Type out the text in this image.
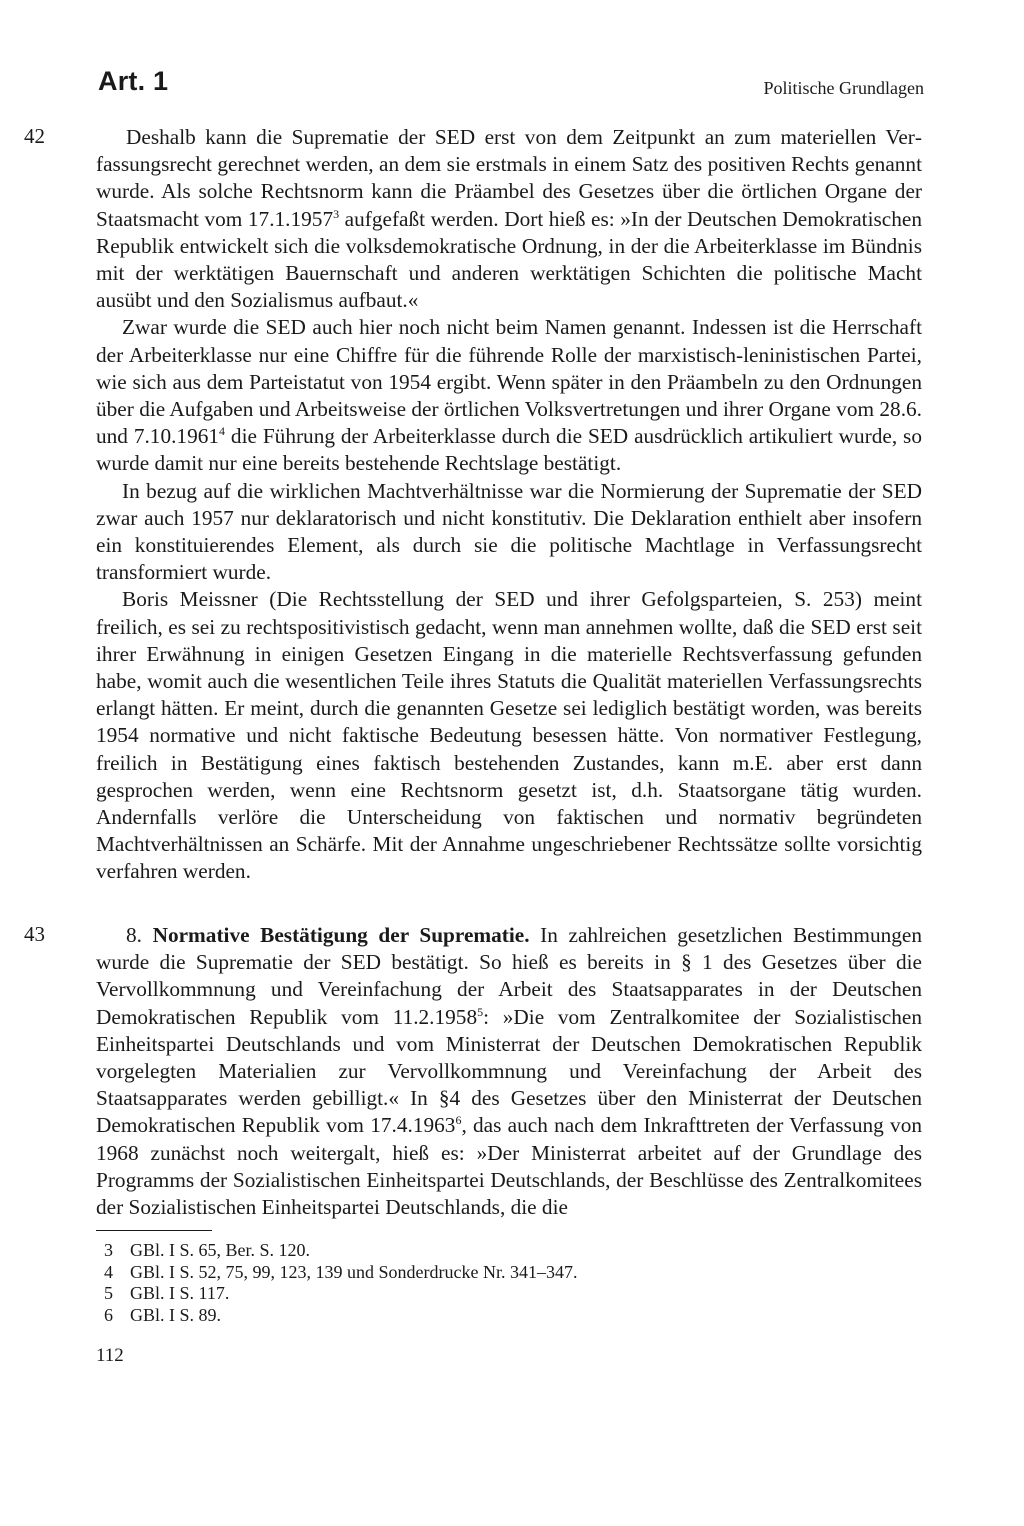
Art. 1	Politische Grundlagen
42	Deshalb kann die Suprematie der SED erst von dem Zeitpunkt an zum materiellen Verfassungsrecht gerechnet werden, an dem sie erstmals in einem Satz des positiven Rechts genannt wurde. Als solche Rechtsnorm kann die Präambel des Gesetzes über die örtlichen Organe der Staatsmacht vom 17.1.1957$^3$ aufgefaßt werden. Dort hieß es: »In der Deutschen Demokratischen Republik entwickelt sich die volksdemokratische Ordnung, in der die Arbeiterklasse im Bündnis mit der werktätigen Bauernschaft und anderen werktätigen Schichten die politische Macht ausübt und den Sozialismus aufbaut.«

Zwar wurde die SED auch hier noch nicht beim Namen genannt. Indessen ist die Herrschaft der Arbeiterklasse nur eine Chiffre für die führende Rolle der marxistisch-leninistischen Partei, wie sich aus dem Parteistatut von 1954 ergibt. Wenn später in den Präambeln zu den Ordnungen über die Aufgaben und Arbeitsweise der örtlichen Volksvertretungen und ihrer Organe vom 28.6. und 7.10.1961$^4$ die Führung der Arbeiterklasse durch die SED ausdrücklich artikuliert wurde, so wurde damit nur eine bereits bestehende Rechtslage bestätigt.

In bezug auf die wirklichen Machtverhältnisse war die Normierung der Suprematie der SED zwar auch 1957 nur deklaratorisch und nicht konstitutiv. Die Deklaration enthielt aber insofern ein konstituierendes Element, als durch sie die politische Machtlage in Verfassungsrecht transformiert wurde.

Boris Meissner (Die Rechtsstellung der SED und ihrer Gefolgsparteien, S. 253) meint freilich, es sei zu rechtspositivistisch gedacht, wenn man annehmen wollte, daß die SED erst seit ihrer Erwähnung in einigen Gesetzen Eingang in die materielle Rechtsverfassung gefunden habe, womit auch die wesentlichen Teile ihres Statuts die Qualität materiellen Verfassungsrechts erlangt hätten. Er meint, durch die genannten Gesetze sei lediglich bestätigt worden, was bereits 1954 normative und nicht faktische Bedeutung besessen hätte. Von normativer Festlegung, freilich in Bestätigung eines faktisch bestehenden Zustandes, kann m.E. aber erst dann gesprochen werden, wenn eine Rechtsnorm gesetzt ist, d.h. Staatsorgane tätig wurden. Andernfalls verlöre die Unterscheidung von faktischen und normativ begründeten Machtverhältnissen an Schärfe. Mit der Annahme ungeschriebener Rechtssätze sollte vorsichtig verfahren werden.

43	8. Normative Bestätigung der Suprematie. In zahlreichen gesetzlichen Bestimmungen wurde die Suprematie der SED bestätigt. So hieß es bereits in § 1 des Gesetzes über die Vervollkommnung und Vereinfachung der Arbeit des Staatsapparates in der Deutschen Demokratischen Republik vom 11.2.1958$^5$: »Die vom Zentralkomitee der Sozialistischen Einheitspartei Deutschlands und vom Ministerrat der Deutschen Demokratischen Republik vorgelegten Materialien zur Vervollkommnung und Vereinfachung der Arbeit des Staatsapparates werden gebilligt.« In §4 des Gesetzes über den Ministerrat der Deutschen Demokratischen Republik vom 17.4.1963$^6$, das auch nach dem Inkrafttreten der Verfassung von 1968 zunächst noch weitergalt, hieß es: »Der Ministerrat arbeitet auf der Grundlage des Programms der Sozialistischen Einheitspartei Deutschlands, der Beschlüsse des Zentralkomitees der Sozialistischen Einheitspartei Deutschlands, die die

3 GBl. I S. 65, Ber. S. 120.
4 GBl. I S. 52, 75, 99, 123, 139 und Sonderdrucke Nr. 341–347.
5 GBl. I S. 117.
6 GBl. I S. 89.
112
